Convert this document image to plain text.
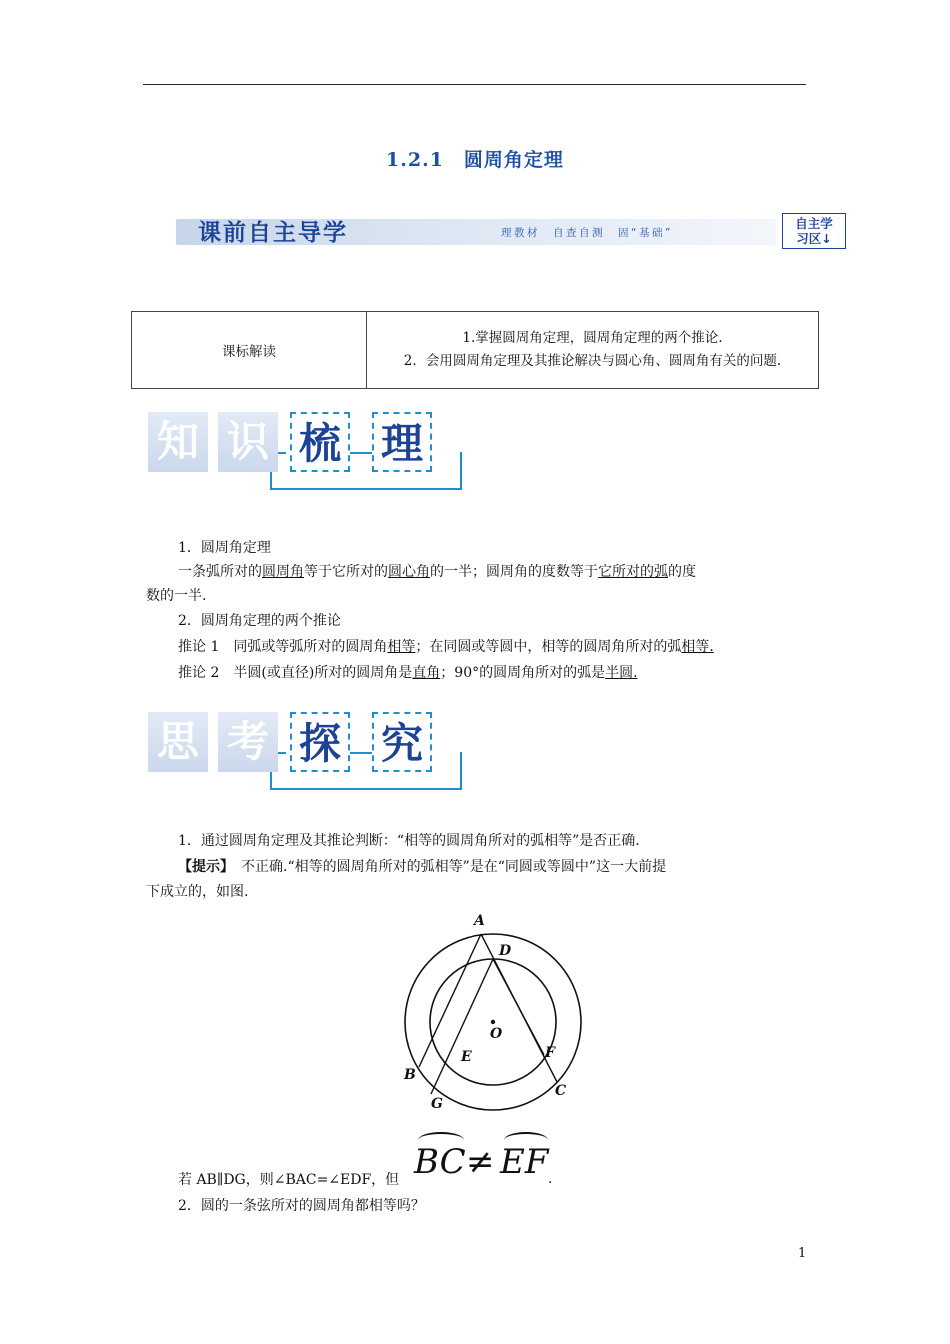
1.2.1　圆周角定理
课前自主导学	理教材　自查自测　固“基础”
自主学
习区↓
课标解读	
1.掌握圆周角定理，圆周角定理的两个推论.
2．会用圆周角定理及其推论解决与圆心角、圆周角有关的问题.
知 识 梳 理
1．圆周角定理
一条弧所对的圆周角等于它所对的圆心角的一半；圆周角的度数等于它所对的弧的度
数的一半.
2．圆周角定理的两个推论
推论 1　同弧或等弧所对的圆周角相等；在同圆或等圆中，相等的圆周角所对的弧相等.
推论 2　半圆(或直径)所对的圆周角是直角；90°的圆周角所对的弧是半圆.
思 考 探 究
1．通过圆周角定理及其推论判断：“相等的圆周角所对的弧相等”是否正确.
【提示】　不正确.“相等的圆周角所对的弧相等”是在“同圆或等圆中”这一大前提
下成立的，如图.
A
D
O
E	F
B
C
G
若 AB∥DG，则∠BAC=∠EDF，但 BC ≠ EF .
2．圆的一条弦所对的圆周角都相等吗？
1
